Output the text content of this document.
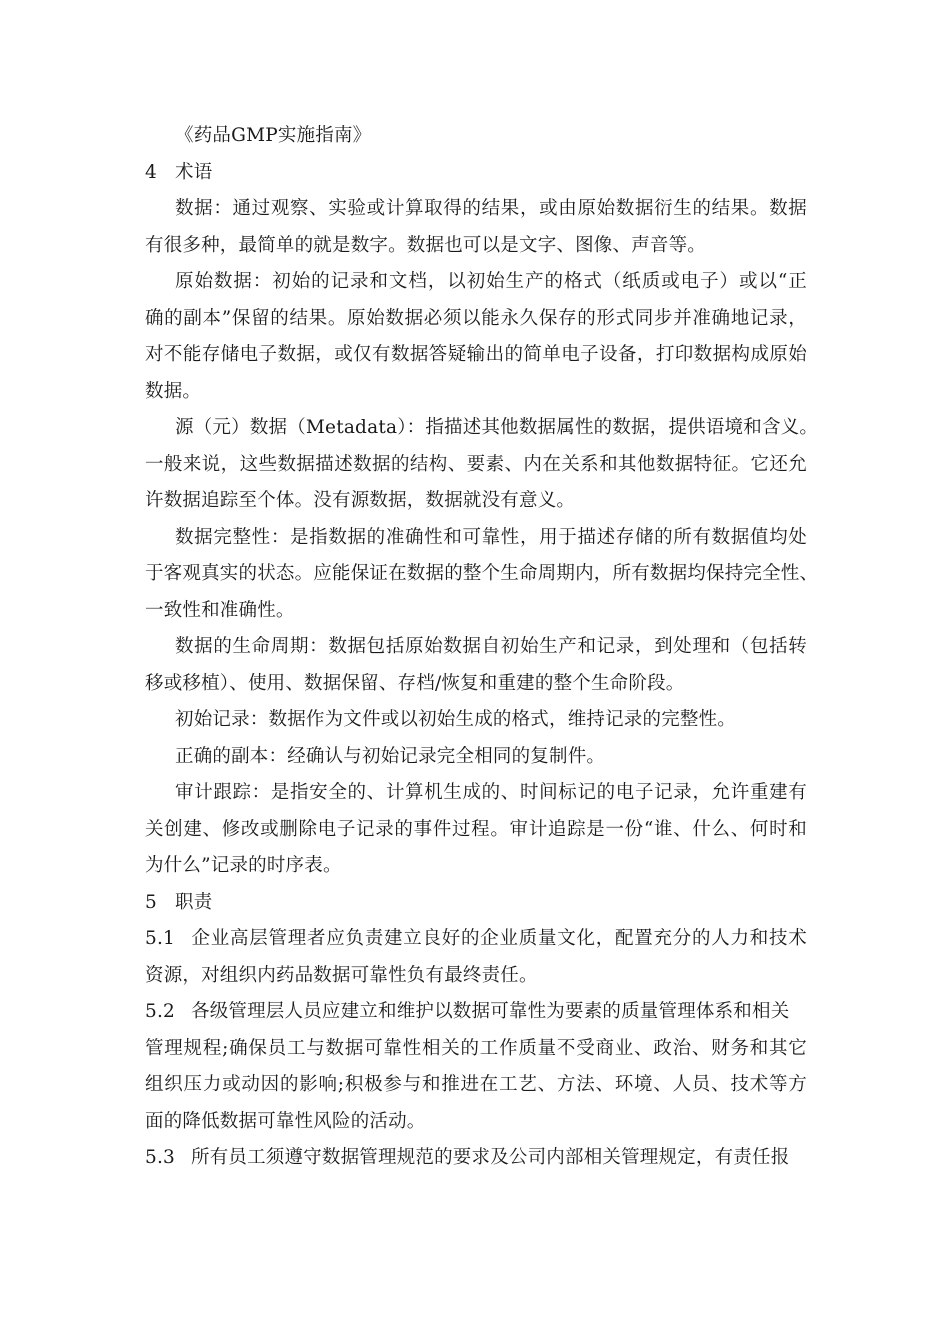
《药品GMP实施指南》
4 术语
数据：通过观察、实验或计算取得的结果，或由原始数据衍生的结果。数据
有很多种，最简单的就是数字。数据也可以是文字、图像、声音等。
原始数据：初始的记录和文档，以初始生产的格式（纸质或电子）或以“正
确的副本”保留的结果。原始数据必须以能永久保存的形式同步并准确地记录，
对不能存储电子数据，或仅有数据答疑输出的简单电子设备，打印数据构成原始
数据。
源（元）数据（Metadata）：指描述其他数据属性的数据，提供语境和含义。
一般来说，这些数据描述数据的结构、要素、内在关系和其他数据特征。它还允
许数据追踪至个体。没有源数据，数据就没有意义。
数据完整性：是指数据的准确性和可靠性，用于描述存储的所有数据值均处
于客观真实的状态。应能保证在数据的整个生命周期内，所有数据均保持完全性、
一致性和准确性。
数据的生命周期：数据包括原始数据自初始生产和记录，到处理和（包括转
移或移植）、使用、数据保留、存档/恢复和重建的整个生命阶段。
初始记录：数据作为文件或以初始生成的格式，维持记录的完整性。
正确的副本：经确认与初始记录完全相同的复制件。
审计跟踪：是指安全的、计算机生成的、时间标记的电子记录，允许重建有
关创建、修改或删除电子记录的事件过程。审计追踪是一份“谁、什么、何时和
为什么”记录的时序表。
5 职责
5.1 企业高层管理者应负责建立良好的企业质量文化，配置充分的人力和技术
资源，对组织内药品数据可靠性负有最终责任。
5.2 各级管理层人员应建立和维护以数据可靠性为要素的质量管理体系和相关
管理规程;确保员工与数据可靠性相关的工作质量不受商业、政治、财务和其它
组织压力或动因的影响;积极参与和推进在工艺、方法、环境、人员、技术等方
面的降低数据可靠性风险的活动。
5.3 所有员工须遵守数据管理规范的要求及公司内部相关管理规定，有责任报
